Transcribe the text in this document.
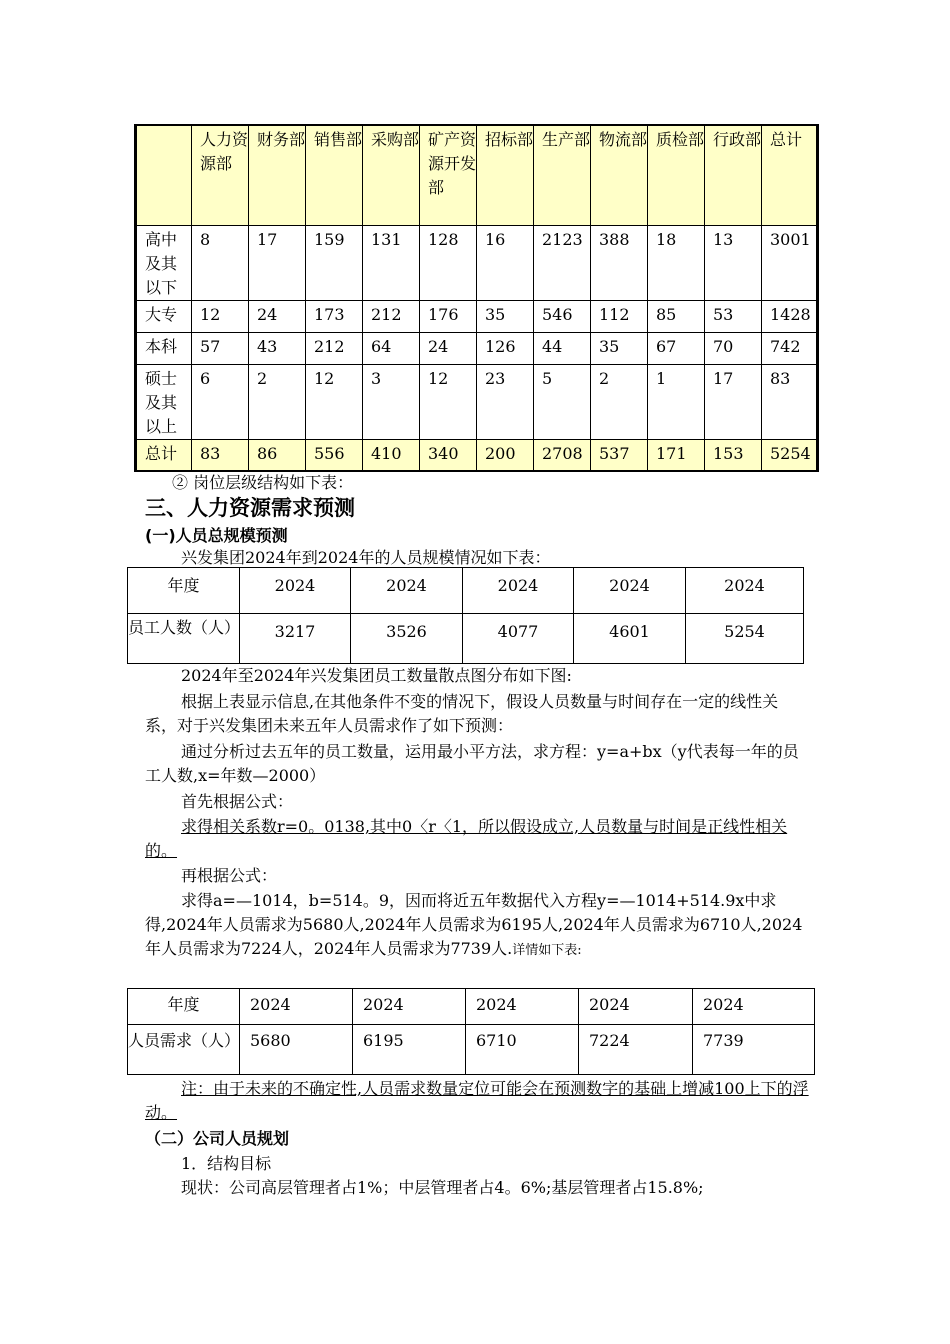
	人力资源部	财务部	销售部	采购部	矿产资源开发部	招标部	生产部	物流部	质检部	行政部	总计
高中及其以下	8	17	159	131	128	16	2123	388	18	13	3001
大专	12	24	173	212	176	35	546	112	85	53	1428
本科	57	43	212	64	24	126	44	35	67	70	742
硕士及其以上	6	2	12	3	12	23	5	2	1	17	83
总计	83	86	556	410	340	200	2708	537	171	153	5254
② 岗位层级结构如下表：
三、人力资源需求预测
(一)人员总规模预测
兴发集团2024年到2024年的人员规模情况如下表：
年度	2024	2024	2024	2024	2024
员工人数（人）	3217	3526	4077	4601	5254
2024年至2024年兴发集团员工数量散点图分布如下图:
根据上表显示信息,在其他条件不变的情况下，假设人员数量与时间存在一定的线性关系，对于兴发集团未来五年人员需求作了如下预测：
通过分析过去五年的员工数量，运用最小平方法，求方程：y=a+bx（y代表每一年的员工人数,x=年数—2000）
首先根据公式：
求得相关系数r=0。0138,其中0〈r〈1，所以假设成立,人员数量与时间是正线性相关的。
再根据公式：
求得a=—1014，b=514。9，因而将近五年数据代入方程y=—1014+514.9x中求得,2024年人员需求为5680人,2024年人员需求为6195人,2024年人员需求为6710人,2024年人员需求为7224人，2024年人员需求为7739人.详情如下表:
年度	2024	2024	2024	2024	2024
人员需求（人）	5680	6195	6710	7224	7739
注：由于未来的不确定性,人员需求数量定位可能会在预测数字的基础上增减100上下的浮动。
（二）公司人员规划
1．结构目标
现状：公司高层管理者占1%；中层管理者占4。6%;基层管理者占15.8%;
